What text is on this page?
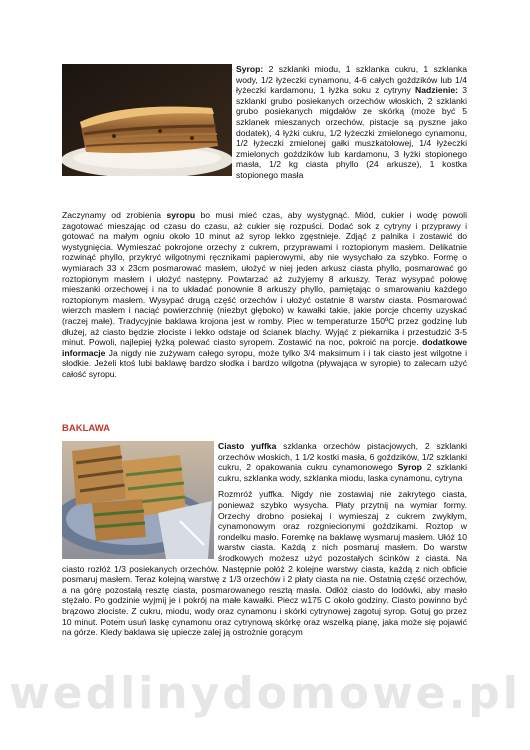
Syrop: 2 szklanki miodu, 1 szklanka cukru, 1 szklanka wody, 1/2 łyżeczki cynamonu, 4-6 całych goździków lub 1/4 łyżeczki kardamonu, 1 łyżka soku z cytryny Nadzienie: 3 szklanki grubo posiekanych orzechów włoskich, 2 szklanki grubo posiekanych migdałów ze skórką (może być 5 szklanek mieszanych orzechów, pistacje są pyszne jako dodatek), 4 łyżki cukru, 1/2 łyżeczki zmielonego cynamonu, 1/2 łyżeczki zmielonej gałki muszkatołowej, 1/4 łyżeczki zmielonych goździków lub kardamonu, 3 łyżki stopionego masła, 1/2 kg ciasta phyllo (24 arkusze), 1 kostka stopionego masła
Zaczynamy od zrobienia syropu bo musi mieć czas, aby wystygnąć. Miód, cukier i wodę powoli zagotować mieszając od czasu do czasu, aż cukier się rozpuści. Dodać sok z cytryny i przyprawy i gotować na małym ogniu około 10 minut aż syrop lekko zgęstnieje. Zdjąć z palnika i zostawić do wystygnięcia. Wymieszać pokrojone orzechy z cukrem, przyprawami i roztopionym masłem. Delikatnie rozwinąć phyllo, przykryć wilgotnymi ręcznikami papierowymi, aby nie wysychało za szybko. Formę o wymiarach 33 x 23cm posmarować masłem, ułożyć w niej jeden arkusz ciasta phyllo, posmarować go roztopionym masłem i ułożyć następny. Powtarzać aż zużyjemy 8 arkuszy. Teraz wysypać połowę mieszanki orzechowej i na to układać ponownie 8 arkuszy phyllo, pamiętając o smarowaniu każdego roztopionym masłem. Wysypać drugą część orzechów i ułożyć ostatnie 8 warstw ciasta. Posmarować wierzch masłem i naciąć powierzchnię (niezbyt głęboko) w kawałki takie, jakie porcje chcemy uzyskać (raczej małe). Tradycyjnie baklawa krojona jest w romby. Piec w temperaturze 150ºC przez godzinę lub dłużej, aż ciasto będzie złociste i lekko odstaje od ścianek blachy. Wyjąć z piekarnika i przestudzić 3-5 minut. Powoli, najlepiej łyżką polewać ciasto syropem. Zostawić na noc, pokroić na porcje. dodatkowe informacje Ja nigdy nie zużywam całego syropu, może tylko 3/4 maksimum i i tak ciasto jest wilgotne i słodkie. Jeżeli ktoś lubi baklawę bardzo słodka i bardzo wilgotna (pływająca w syropie) to zalecam użyć całość syropu.
BAKLAWA
Ciasto yuffka szklanka orzechów pistacjowych, 2 szklanki orzechów włoskich, 1 1/2 kostki masła, 6 goździków, 1/2 szklanki cukru, 2 opakowania cukru cynamonowego Syrop 2 szklanki cukru, szklanka wody, szklanka miodu, laska cynamonu, cytryna
Rozmróź yuffka. Nigdy nie zostawiaj nie zakrytego ciasta, ponieważ szybko wysycha. Płaty przytnij na wymiar formy. Orzechy drobno posiekaj i wymieszaj z cukrem zwykłym, cynamonowym oraz rozgniecionymi goździkami. Roztop w rondelku masło. Foremkę na baklawę wysmaruj masłem. Ułóż 10 warstw ciasta. Każdą z nich posmaruj masłem. Do warstw środkowych możesz użyć pozostałych ścinków z ciasta. Na ciasto rozłóż 1/3 posiekanych orzechów. Następnie połóż 2 kolejne warstwy ciasta, każdą z nich obficie posmaruj masłem. Teraz kolejną warstwę z 1/3 orzechów i 2 płaty ciasta na nie. Ostatnią część orzechów, a na górę pozostałą resztę ciasta, posmarowanego resztą masła. Odłóż ciasto do lodówki, aby masło stężało. Po godzinie wyjmij je i pokrój na małe kawałki. Piecz w175 C około godziny. Ciasto powinno być brązowo złociste. Z cukru, miodu, wody oraz cynamonu i skórki cytrynowej zagotuj syrop. Gotuj go przez 10 minut. Potem usuń laskę cynamonu oraz cytrynową skórkę oraz wszelką pianę, jaka może się pojawić na górze. Kiedy baklawa się upiecze zalej ją ostrożnie gorącym
wedlinydomowe.pl
